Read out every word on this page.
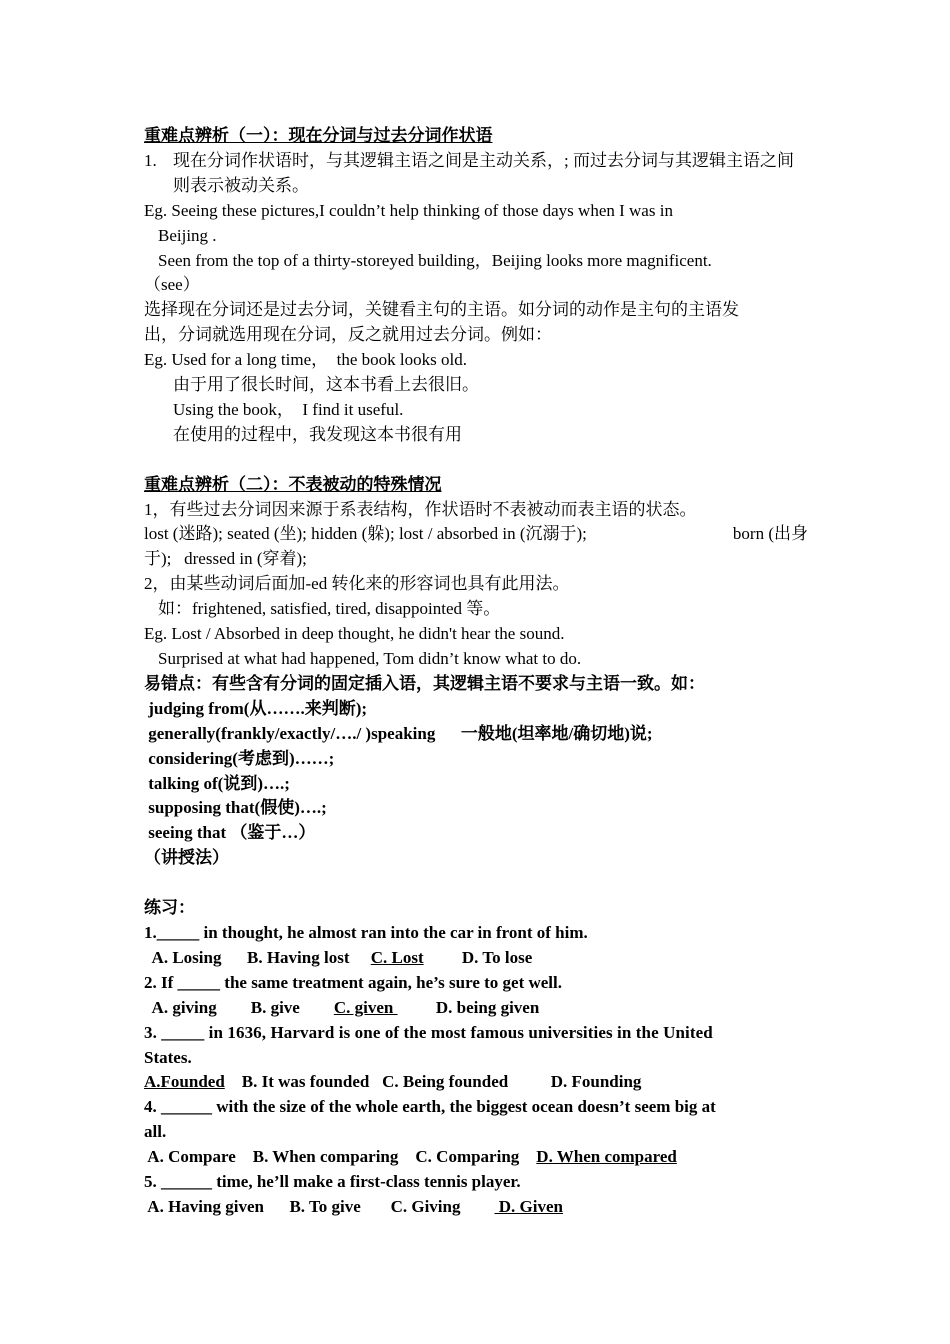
重难点辨析（一）：现在分词与过去分词作状语
1. 现在分词作状语时，与其逻辑主语之间是主动关系，; 而过去分词与其逻辑主语之间则表示被动关系。
Eg. Seeing these pictures,I couldn’t help thinking of those days when I was in
Beijing .
Seen from the top of a thirty-storeyed building，Beijing looks more magnificent.
（see）
选择现在分词还是过去分词，关键看主句的主语。如分词的动作是主句的主语发
出，分词就选用现在分词，反之就用过去分词。例如：
Eg. Used for a long time，  the book looks old.
由于用了很长时间，这本书看上去很旧。
Using the book，  I find it useful.
在使用的过程中，我发现这本书很有用
重难点辨析（二）：不表被动的特殊情况
1，有些过去分词因来源于系表结构，作状语时不表被动而表主语的状态。
lost (迷路); seated (坐); hidden (躲); lost / absorbed in (沉溺于);	born (出身
于);   dressed in (穿着);
2，由某些动词后面加-ed 转化来的形容词也具有此用法。
如：frightened, satisfied, tired, disappointed 等。
Eg. Lost / Absorbed in deep thought, he didn't hear the sound.
Surprised at what had happened, Tom didn’t know what to do.
易错点：有些含有分词的固定插入语，其逻辑主语不要求与主语一致。如：
judging from(从…….来判断);
generally(frankly/exactly/…./ )speaking      一般地(坦率地/确切地)说;
considering(考虑到)……;
talking of(说到)….;
supposing that(假使)….;
seeing that （鉴于…）
（讲授法）
练习：
1._____ in thought, he almost ran into the car in front of him.
A. Losing      B. Having lost     C. Lost         D. To lose
2. If _____ the same treatment again, he’s sure to get well.
A. giving        B. give        C. given          D. being given
3. _____ in 1636, Harvard is one of the most famous universities in the United
States.
A.Founded    B. It was founded   C. Being founded          D. Founding
4. ______ with the size of the whole earth, the biggest ocean doesn’t seem big at
all.
A. Compare    B. When comparing    C. Comparing    D. When compared
5. ______ time, he’ll make a first-class tennis player.
A. Having given      B. To give       C. Giving         D. Given
